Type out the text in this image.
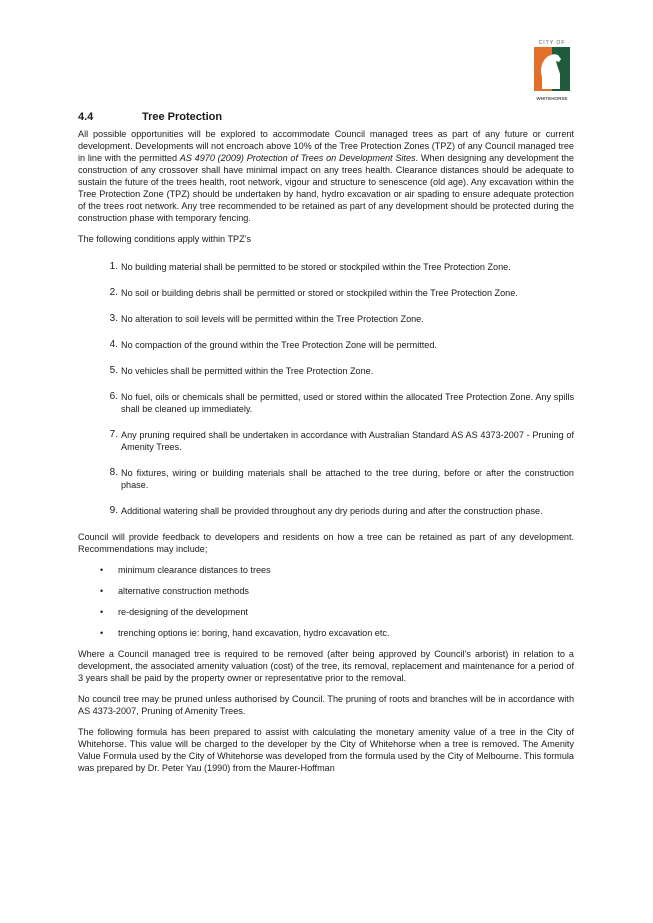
CITY OF
WHITEHORSE
4.4	Tree Protection

All possible opportunities will be explored to accommodate Council managed trees as part of any future or current development. Developments will not encroach above 10% of the Tree Protection Zones (TPZ) of any Council managed tree in line with the permitted AS 4970 (2009) Protection of Trees on Development Sites. When designing any development the construction of any crossover shall have minimal impact on any trees health. Clearance distances should be adequate to sustain the future of the trees health, root network, vigour and structure to senescence (old age). Any excavation within the Tree Protection Zone (TPZ) should be undertaken by hand, hydro excavation or air spading to ensure adequate protection of the trees root network. Any tree recommended to be retained as part of any development should be protected during the construction phase with temporary fencing.

The following conditions apply within TPZ’s

1. No building material shall be permitted to be stored or stockpiled within the Tree Protection Zone.
2. No soil or building debris shall be permitted or stored or stockpiled within the Tree Protection Zone.
3. No alteration to soil levels will be permitted within the Tree Protection Zone.
4. No compaction of the ground within the Tree Protection Zone will be permitted.
5. No vehicles shall be permitted within the Tree Protection Zone.
6. No fuel, oils or chemicals shall be permitted, used or stored within the allocated Tree Protection Zone. Any spills shall be cleaned up immediately.
7. Any pruning required shall be undertaken in accordance with Australian Standard AS AS 4373-2007 - Pruning of Amenity Trees.
8. No fixtures, wiring or building materials shall be attached to the tree during, before or after the construction phase.
9. Additional watering shall be provided throughout any dry periods during and after the construction phase.

Council will provide feedback to developers and residents on how a tree can be retained as part of any development. Recommendations may include;

•	minimum clearance distances to trees
•	alternative construction methods
•	re-designing of the development
•	trenching options ie: boring, hand excavation, hydro excavation etc.

Where a Council managed tree is required to be removed (after being approved by Council’s arborist) in relation to a development, the associated amenity valuation (cost) of the tree, its removal, replacement and maintenance for a period of 3 years shall be paid by the property owner or representative prior to the removal.

No council tree may be pruned unless authorised by Council. The pruning of roots and branches will be in accordance with AS 4373-2007, Pruning of Amenity Trees.

The following formula has been prepared to assist with calculating the monetary amenity value of a tree in the City of Whitehorse. This value will be charged to the developer by the City of Whitehorse when a tree is removed. The Amenity Value Formula used by the City of Whitehorse was developed from the formula used by the City of Melbourne. This formula was prepared by Dr. Peter Yau (1990) from the Maurer-Hoffman
